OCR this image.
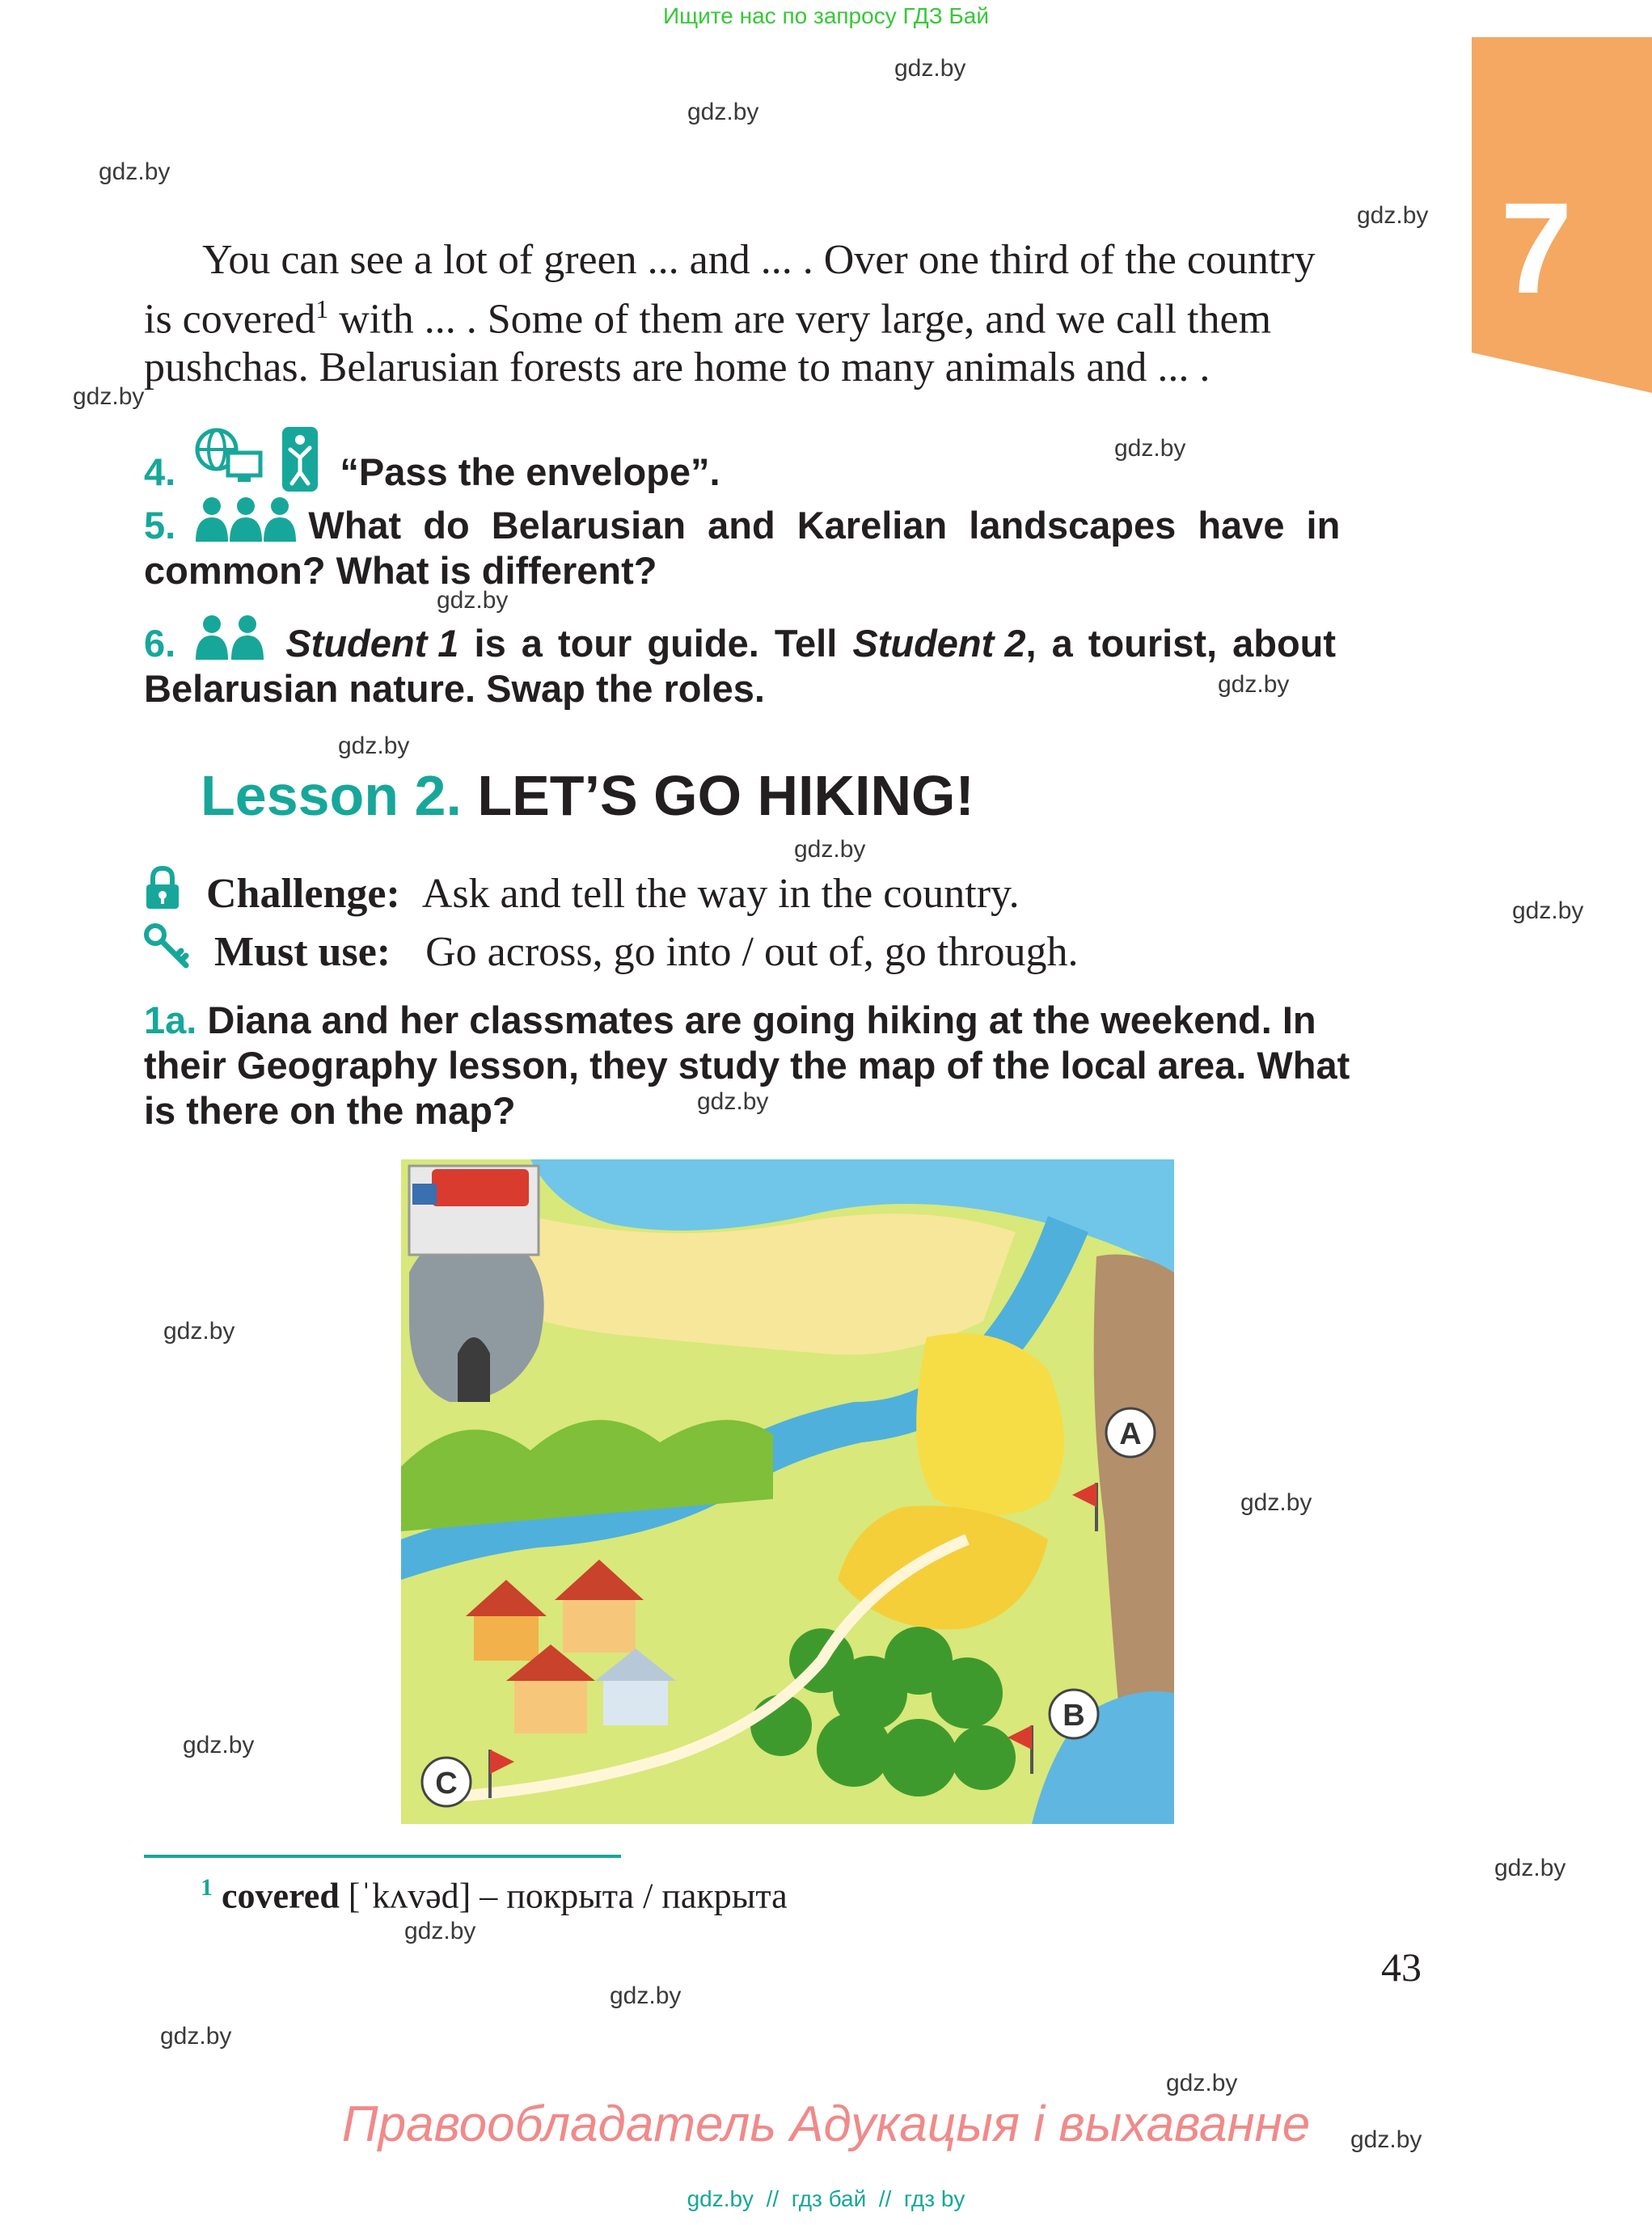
Ищите нас по запросу ГДЗ Бай
gdz.by
gdz.by
gdz.by
gdz.by
gdz.by
gdz.by
gdz.by
gdz.by
gdz.by
gdz.by
gdz.by
gdz.by
gdz.by
gdz.by
gdz.by
gdz.by
gdz.by
gdz.by
gdz.by
gdz.by
gdz.by
7
You can see a lot of green ... and ... . Over one third of the country
is covered$^1$ with ... . Some of them are very large, and we call them
pushchas. Belarusian forests are home to many animals and ... .
4.	“Pass the envelope”.
5.	What do Belarusian and Karelian landscapes have in
common? What is different?
6.	Student 1 is a tour guide. Tell Student 2, a tourist, about
Belarusian nature. Swap the roles.
Lesson 2. LET’S GO HIKING!
Challenge: Ask and tell the way in the country.
Must use: Go across, go into / out of, go through.
1a. Diana and her classmates are going hiking at the weekend. In
their Geography lesson, they study the map of the local area. What
is there on the map?
A
B
C
$^1$ covered [ˈkʌvəd] – покрыта / пакрыта
43
Правообладатель Адукацыя і выхаванне
gdz.by  //  гдз бай  //  гдз by
